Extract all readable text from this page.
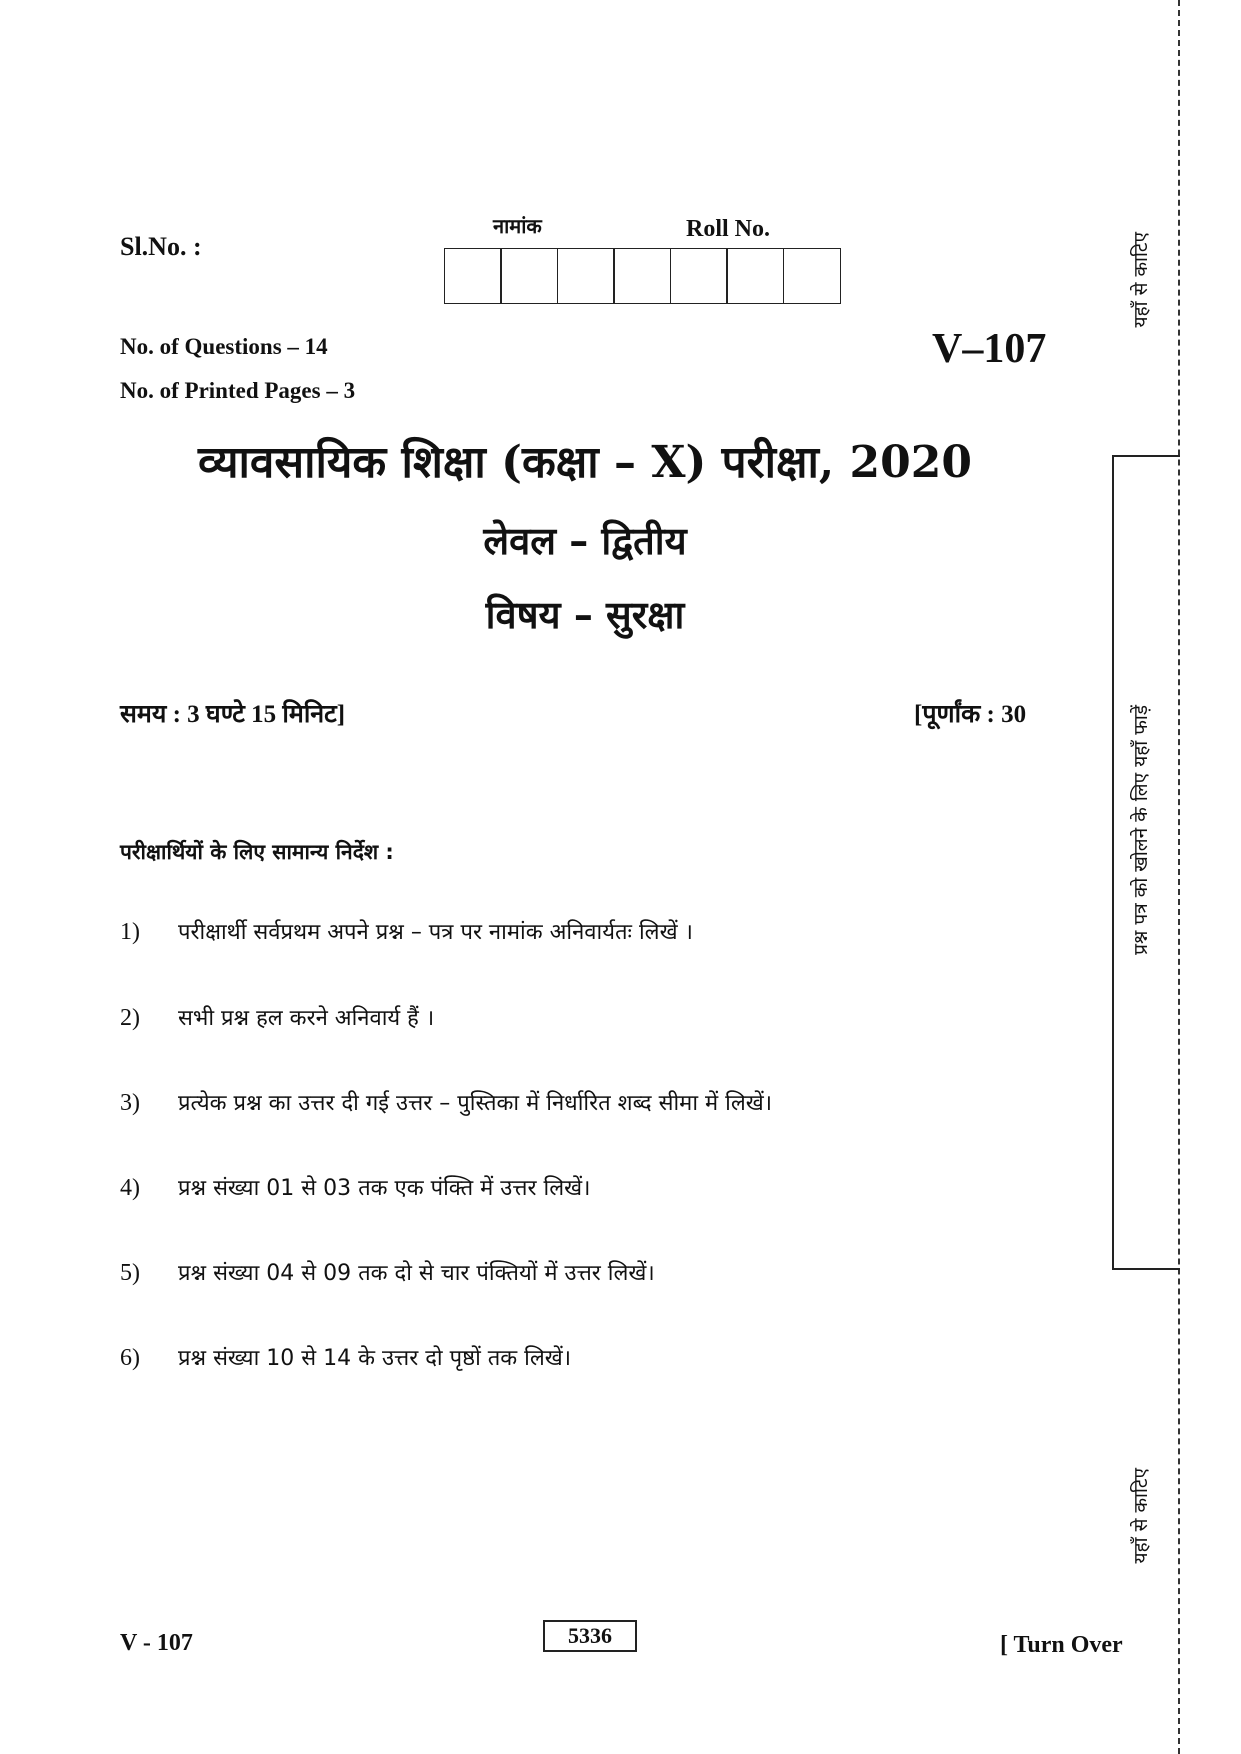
Sl.No. :
नामांक	Roll No.
No. of Questions – 14
No. of Printed Pages – 3
V–107
व्यावसायिक शिक्षा (कक्षा – X) परीक्षा, 2020
लेवल – द्वितीय
विषय – सुरक्षा
समय : 3 घण्टे 15 मिनिट]	[पूर्णांक : 30
परीक्षार्थियों के लिए सामान्य निर्देश :
1)	परीक्षार्थी सर्वप्रथम अपने प्रश्न – पत्र पर नामांक अनिवार्यतः लिखें ।
2)	सभी प्रश्न हल करने अनिवार्य हैं ।
3)	प्रत्येक प्रश्न का उत्तर दी गई उत्तर – पुस्तिका में निर्धारित शब्द सीमा में लिखें।
4)	प्रश्न संख्या 01 से 03 तक एक पंक्ति में उत्तर लिखें।
5)	प्रश्न संख्या 04 से 09 तक दो से चार पंक्तियों में उत्तर लिखें।
6)	प्रश्न संख्या 10 से 14 के उत्तर दो पृष्ठों तक लिखें।
यहाँ से काटिए
प्रश्न पत्र को खोलने के लिए यहाँ फाड़ें
यहाँ से काटिए
V - 107	5336	[ Turn Over
